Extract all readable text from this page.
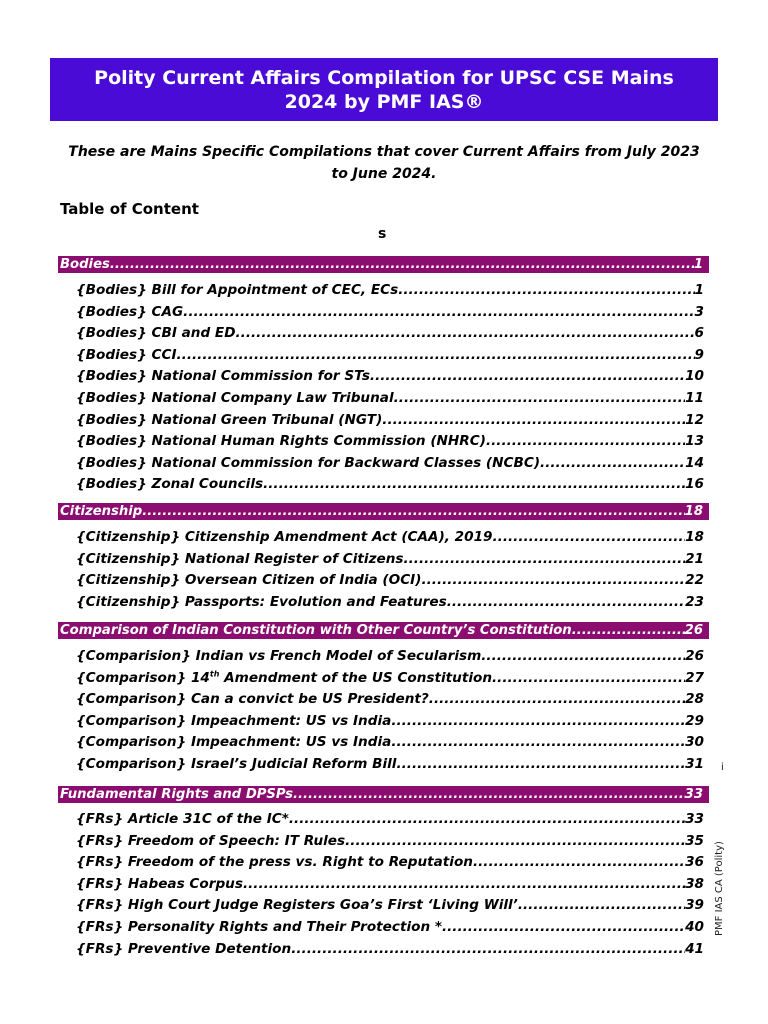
Polity Current Affairs Compilation for UPSC CSE Mains
2024 by PMF IAS®
These are Mains Specific Compilations that cover Current Affairs from July 2023 to June 2024.
Table of Content
s
Bodies .....	1
{Bodies} Bill for Appointment of CEC, ECs .....	1
{Bodies} CAG .....	3
{Bodies} CBI and ED .....	6
{Bodies} CCI .....	9
{Bodies} National Commission for STs .....	10
{Bodies} National Company Law Tribunal .....	11
{Bodies} National Green Tribunal (NGT) .....	12
{Bodies} National Human Rights Commission (NHRC) .....	13
{Bodies} National Commission for Backward Classes (NCBC) .....	14
{Bodies} Zonal Councils .....	16
Citizenship .....	18
{Citizenship} Citizenship Amendment Act (CAA), 2019 .....	18
{Citizenship} National Register of Citizens .....	21
{Citizenship} Oversean Citizen of India (OCI) .....	22
{Citizenship} Passports: Evolution and Features .....	23
Comparison of Indian Constitution with Other Country’s Constitution .....	26
{Comparision} Indian vs French Model of Secularism .....	26
{Comparison} 14th Amendment of the US Constitution .....	27
{Comparison} Can a convict be US President? .....	28
{Comparison} Impeachment: US vs India .....	29
{Comparison} Impeachment: US vs India .....	30
{Comparison} Israel’s Judicial Reform Bill .....	31
Fundamental Rights and DPSPs .....	33
{FRs} Article 31C of the IC* .....	33
{FRs} Freedom of Speech: IT Rules .....	35
{FRs} Freedom of the press vs. Right to Reputation .....	36
{FRs} Habeas Corpus .....	38
{FRs} High Court Judge Registers Goa’s First ‘Living Will’ .....	39
{FRs} Personality Rights and Their Protection * .....	40
{FRs} Preventive Detention .....	41
i
PMF IAS CA (Polity)
